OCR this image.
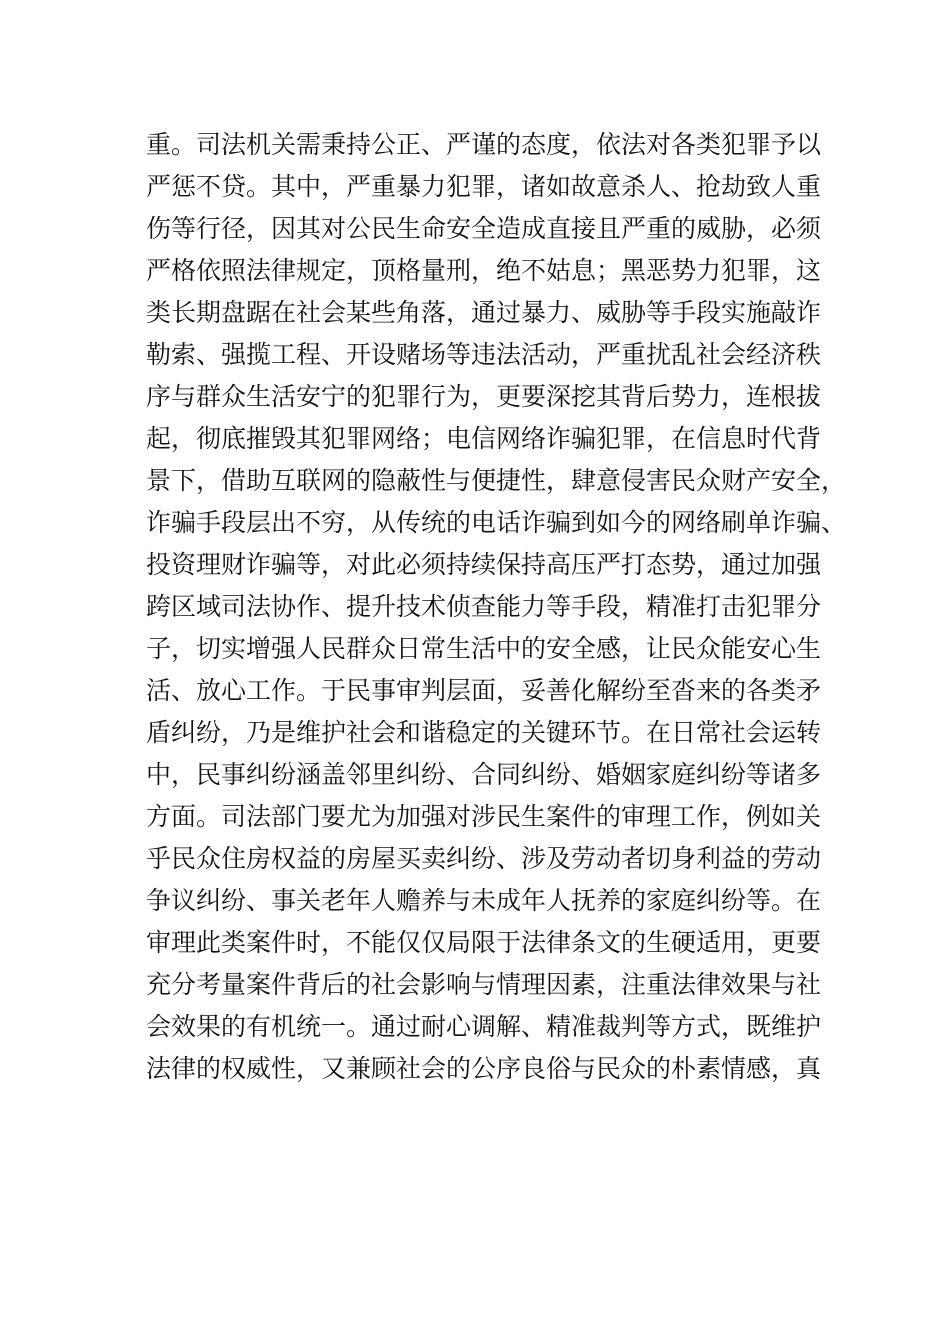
重。司法机关需秉持公正、严谨的态度，依法对各类犯罪予以
严惩不贷。其中，严重暴力犯罪，诸如故意杀人、抢劫致人重
伤等行径，因其对公民生命安全造成直接且严重的威胁，必须
严格依照法律规定，顶格量刑，绝不姑息；黑恶势力犯罪，这
类长期盘踞在社会某些角落，通过暴力、威胁等手段实施敲诈
勒索、强揽工程、开设赌场等违法活动，严重扰乱社会经济秩
序与群众生活安宁的犯罪行为，更要深挖其背后势力，连根拔
起，彻底摧毁其犯罪网络；电信网络诈骗犯罪，在信息时代背
景下，借助互联网的隐蔽性与便捷性，肆意侵害民众财产安全，
诈骗手段层出不穷，从传统的电话诈骗到如今的网络刷单诈骗、
投资理财诈骗等，对此必须持续保持高压严打态势，通过加强
跨区域司法协作、提升技术侦查能力等手段，精准打击犯罪分
子，切实增强人民群众日常生活中的安全感，让民众能安心生
活、放心工作。于民事审判层面，妥善化解纷至沓来的各类矛
盾纠纷，乃是维护社会和谐稳定的关键环节。在日常社会运转
中，民事纠纷涵盖邻里纠纷、合同纠纷、婚姻家庭纠纷等诸多
方面。司法部门要尤为加强对涉民生案件的审理工作，例如关
乎民众住房权益的房屋买卖纠纷、涉及劳动者切身利益的劳动
争议纠纷、事关老年人赡养与未成年人抚养的家庭纠纷等。在
审理此类案件时，不能仅仅局限于法律条文的生硬适用，更要
充分考量案件背后的社会影响与情理因素，注重法律效果与社
会效果的有机统一。通过耐心调解、精准裁判等方式，既维护
法律的权威性，又兼顾社会的公序良俗与民众的朴素情感，真
